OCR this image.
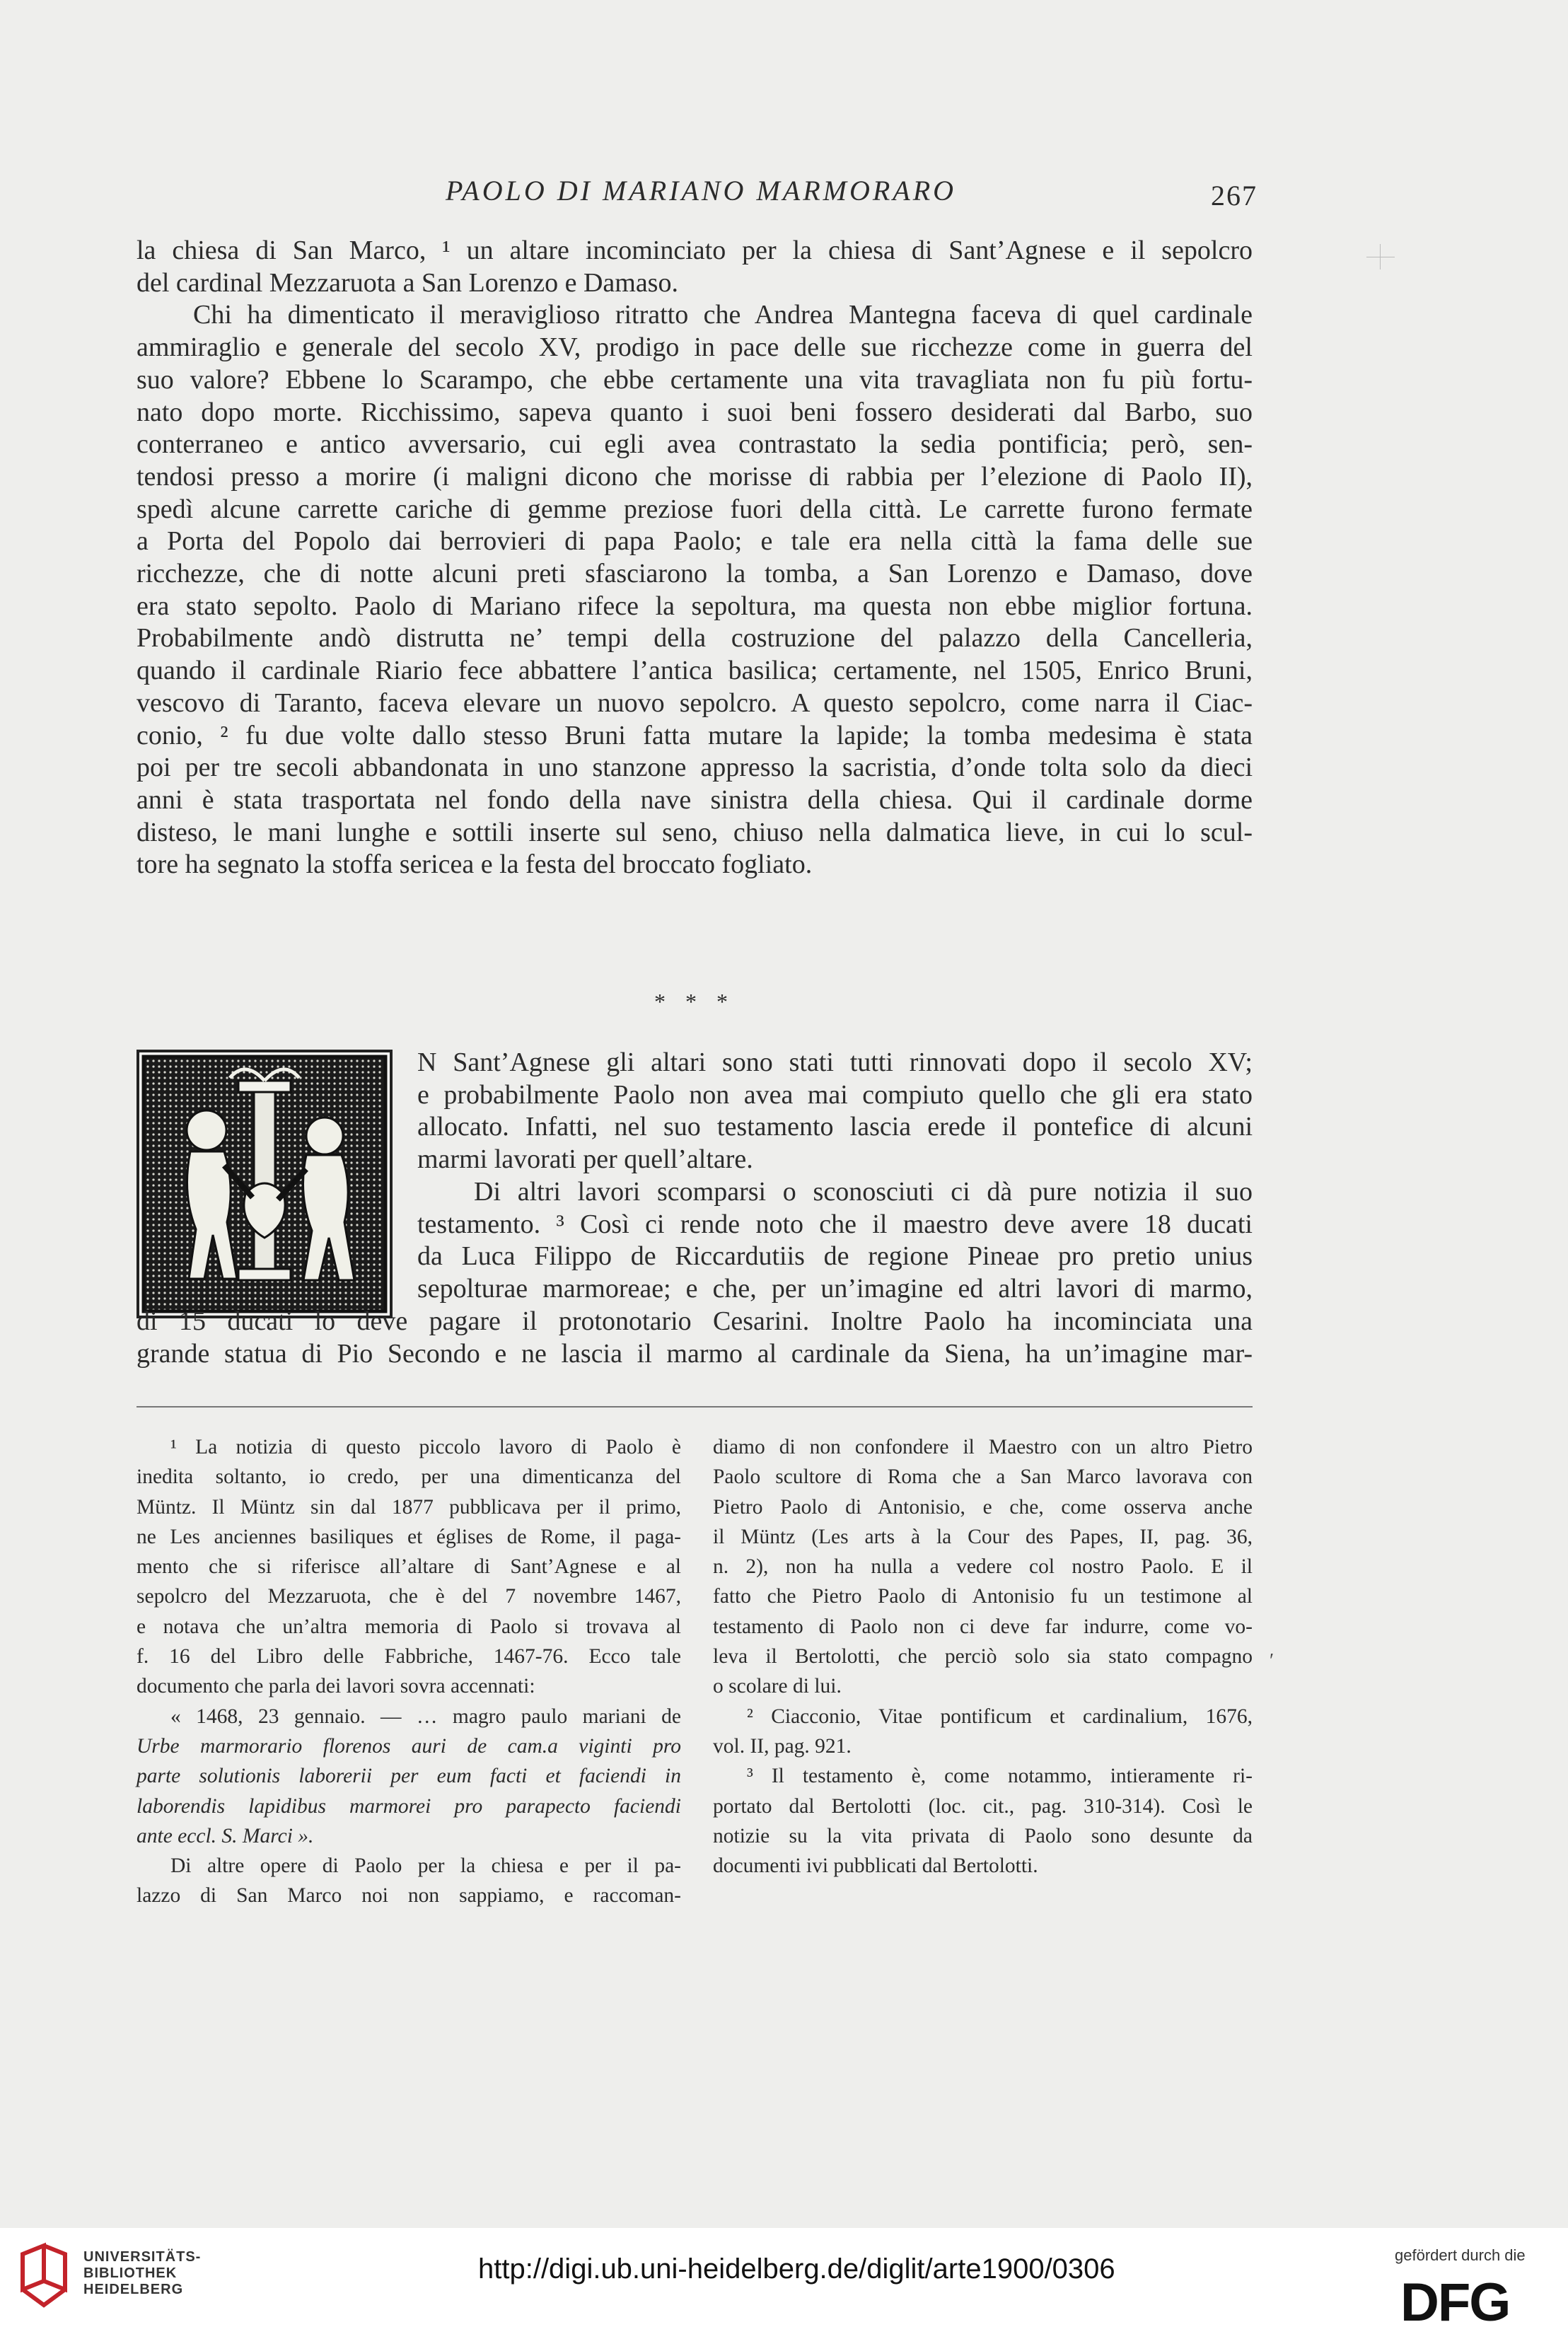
PAOLO DI MARIANO MARMORARO	267

la chiesa di San Marco, ¹ un altare incominciato per la chiesa di Sant’Agnese e il sepolcro

del cardinal Mezzaruota a San Lorenzo e Damaso.

Chi ha dimenticato il meraviglioso ritratto che Andrea Mantegna faceva di quel cardinale

ammiraglio e generale del secolo XV, prodigo in pace delle sue ricchezze come in guerra del

suo valore? Ebbene lo Scarampo, che ebbe certamente una vita travagliata non fu più fortu-

nato dopo morte. Ricchissimo, sapeva quanto i suoi beni fossero desiderati dal Barbo, suo

conterraneo e antico avversario, cui egli avea contrastato la sedia pontificia; però, sen-

tendosi presso a morire (i maligni dicono che morisse di rabbia per l’elezione di Paolo II),

spedì alcune carrette cariche di gemme preziose fuori della città. Le carrette furono fermate

a Porta del Popolo dai berrovieri di papa Paolo; e tale era nella città la fama delle sue

ricchezze, che di notte alcuni preti sfasciarono la tomba, a San Lorenzo e Damaso, dove

era stato sepolto. Paolo di Mariano rifece la sepoltura, ma questa non ebbe miglior fortuna.

Probabilmente andò distrutta ne’ tempi della costruzione del palazzo della Cancelleria,

quando il cardinale Riario fece abbattere l’antica basilica; certamente, nel 1505, Enrico Bruni,

vescovo di Taranto, faceva elevare un nuovo sepolcro. A questo sepolcro, come narra il Ciac-

conio, ² fu due volte dallo stesso Bruni fatta mutare la lapide; la tomba medesima è stata

poi per tre secoli abbandonata in uno stanzone appresso la sacristia, d’onde tolta solo da dieci

anni è stata trasportata nel fondo della nave sinistra della chiesa. Qui il cardinale dorme

disteso, le mani lunghe e sottili inserte sul seno, chiuso nella dalmatica lieve, in cui lo scul-

tore ha segnato la stoffa sericea e la festa del broccato fogliato.

* * *

N Sant’Agnese gli altari sono stati tutti rinnovati dopo il secolo XV;

e probabilmente Paolo non avea mai compiuto quello che gli era stato

allocato. Infatti, nel suo testamento lascia erede il pontefice di alcuni

marmi lavorati per quell’altare.

Di altri lavori scomparsi o sconosciuti ci dà pure notizia il suo

testamento. ³ Così ci rende noto che il maestro deve avere 18 ducati

da Luca Filippo de Riccardutiis de regione Pineae pro pretio unius

sepolturae marmoreae; e che, per un’imagine ed altri lavori di marmo,

di 15 ducati lo deve pagare il protonotario Cesarini. Inoltre Paolo ha incominciata una

grande statua di Pio Secondo e ne lascia il marmo al cardinale da Siena, ha un’imagine mar-

¹ La notizia di questo piccolo lavoro di Paolo è

inedita soltanto, io credo, per una dimenticanza del

Müntz. Il Müntz sin dal 1877 pubblicava per il primo,

ne Les anciennes basiliques et églises de Rome, il paga-

mento che si riferisce all’altare di Sant’Agnese e al

sepolcro del Mezzaruota, che è del 7 novembre 1467,

e notava che un’altra memoria di Paolo si trovava al

f. 16 del Libro delle Fabbriche, 1467-76. Ecco tale

documento che parla dei lavori sovra accennati:

« 1468, 23 gennaio. — … magro paulo mariani de

Urbe marmorario florenos auri de cam.a viginti pro

parte solutionis laborerii per eum facti et faciendi in

laborendis lapidibus marmorei pro parapecto faciendi

ante eccl. S. Marci ».

Di altre opere di Paolo per la chiesa e per il pa-

lazzo di San Marco noi non sappiamo, e raccoman-

diamo di non confondere il Maestro con un altro Pietro

Paolo scultore di Roma che a San Marco lavorava con

Pietro Paolo di Antonisio, e che, come osserva anche

il Müntz (Les arts à la Cour des Papes, II, pag. 36,

n. 2), non ha nulla a vedere col nostro Paolo. E il

fatto che Pietro Paolo di Antonisio fu un testimone al

testamento di Paolo non ci deve far indurre, come vo-

leva il Bertolotti, che perciò solo sia stato compagno

o scolare di lui.

² Ciacconio, Vitae pontificum et cardinalium, 1676,

vol. II, pag. 921.

³ Il testamento è, come notammo, intieramente ri-

portato dal Bertolotti (loc. cit., pag. 310-314). Così le

notizie su la vita privata di Paolo sono desunte da

documenti ivi pubblicati dal Bertolotti.

′
UNIVERSITÄTS-
BIBLIOTHEK
HEIDELBERG
http://digi.ub.uni-heidelberg.de/diglit/arte1900/0306	gefördert durch die
DFG
